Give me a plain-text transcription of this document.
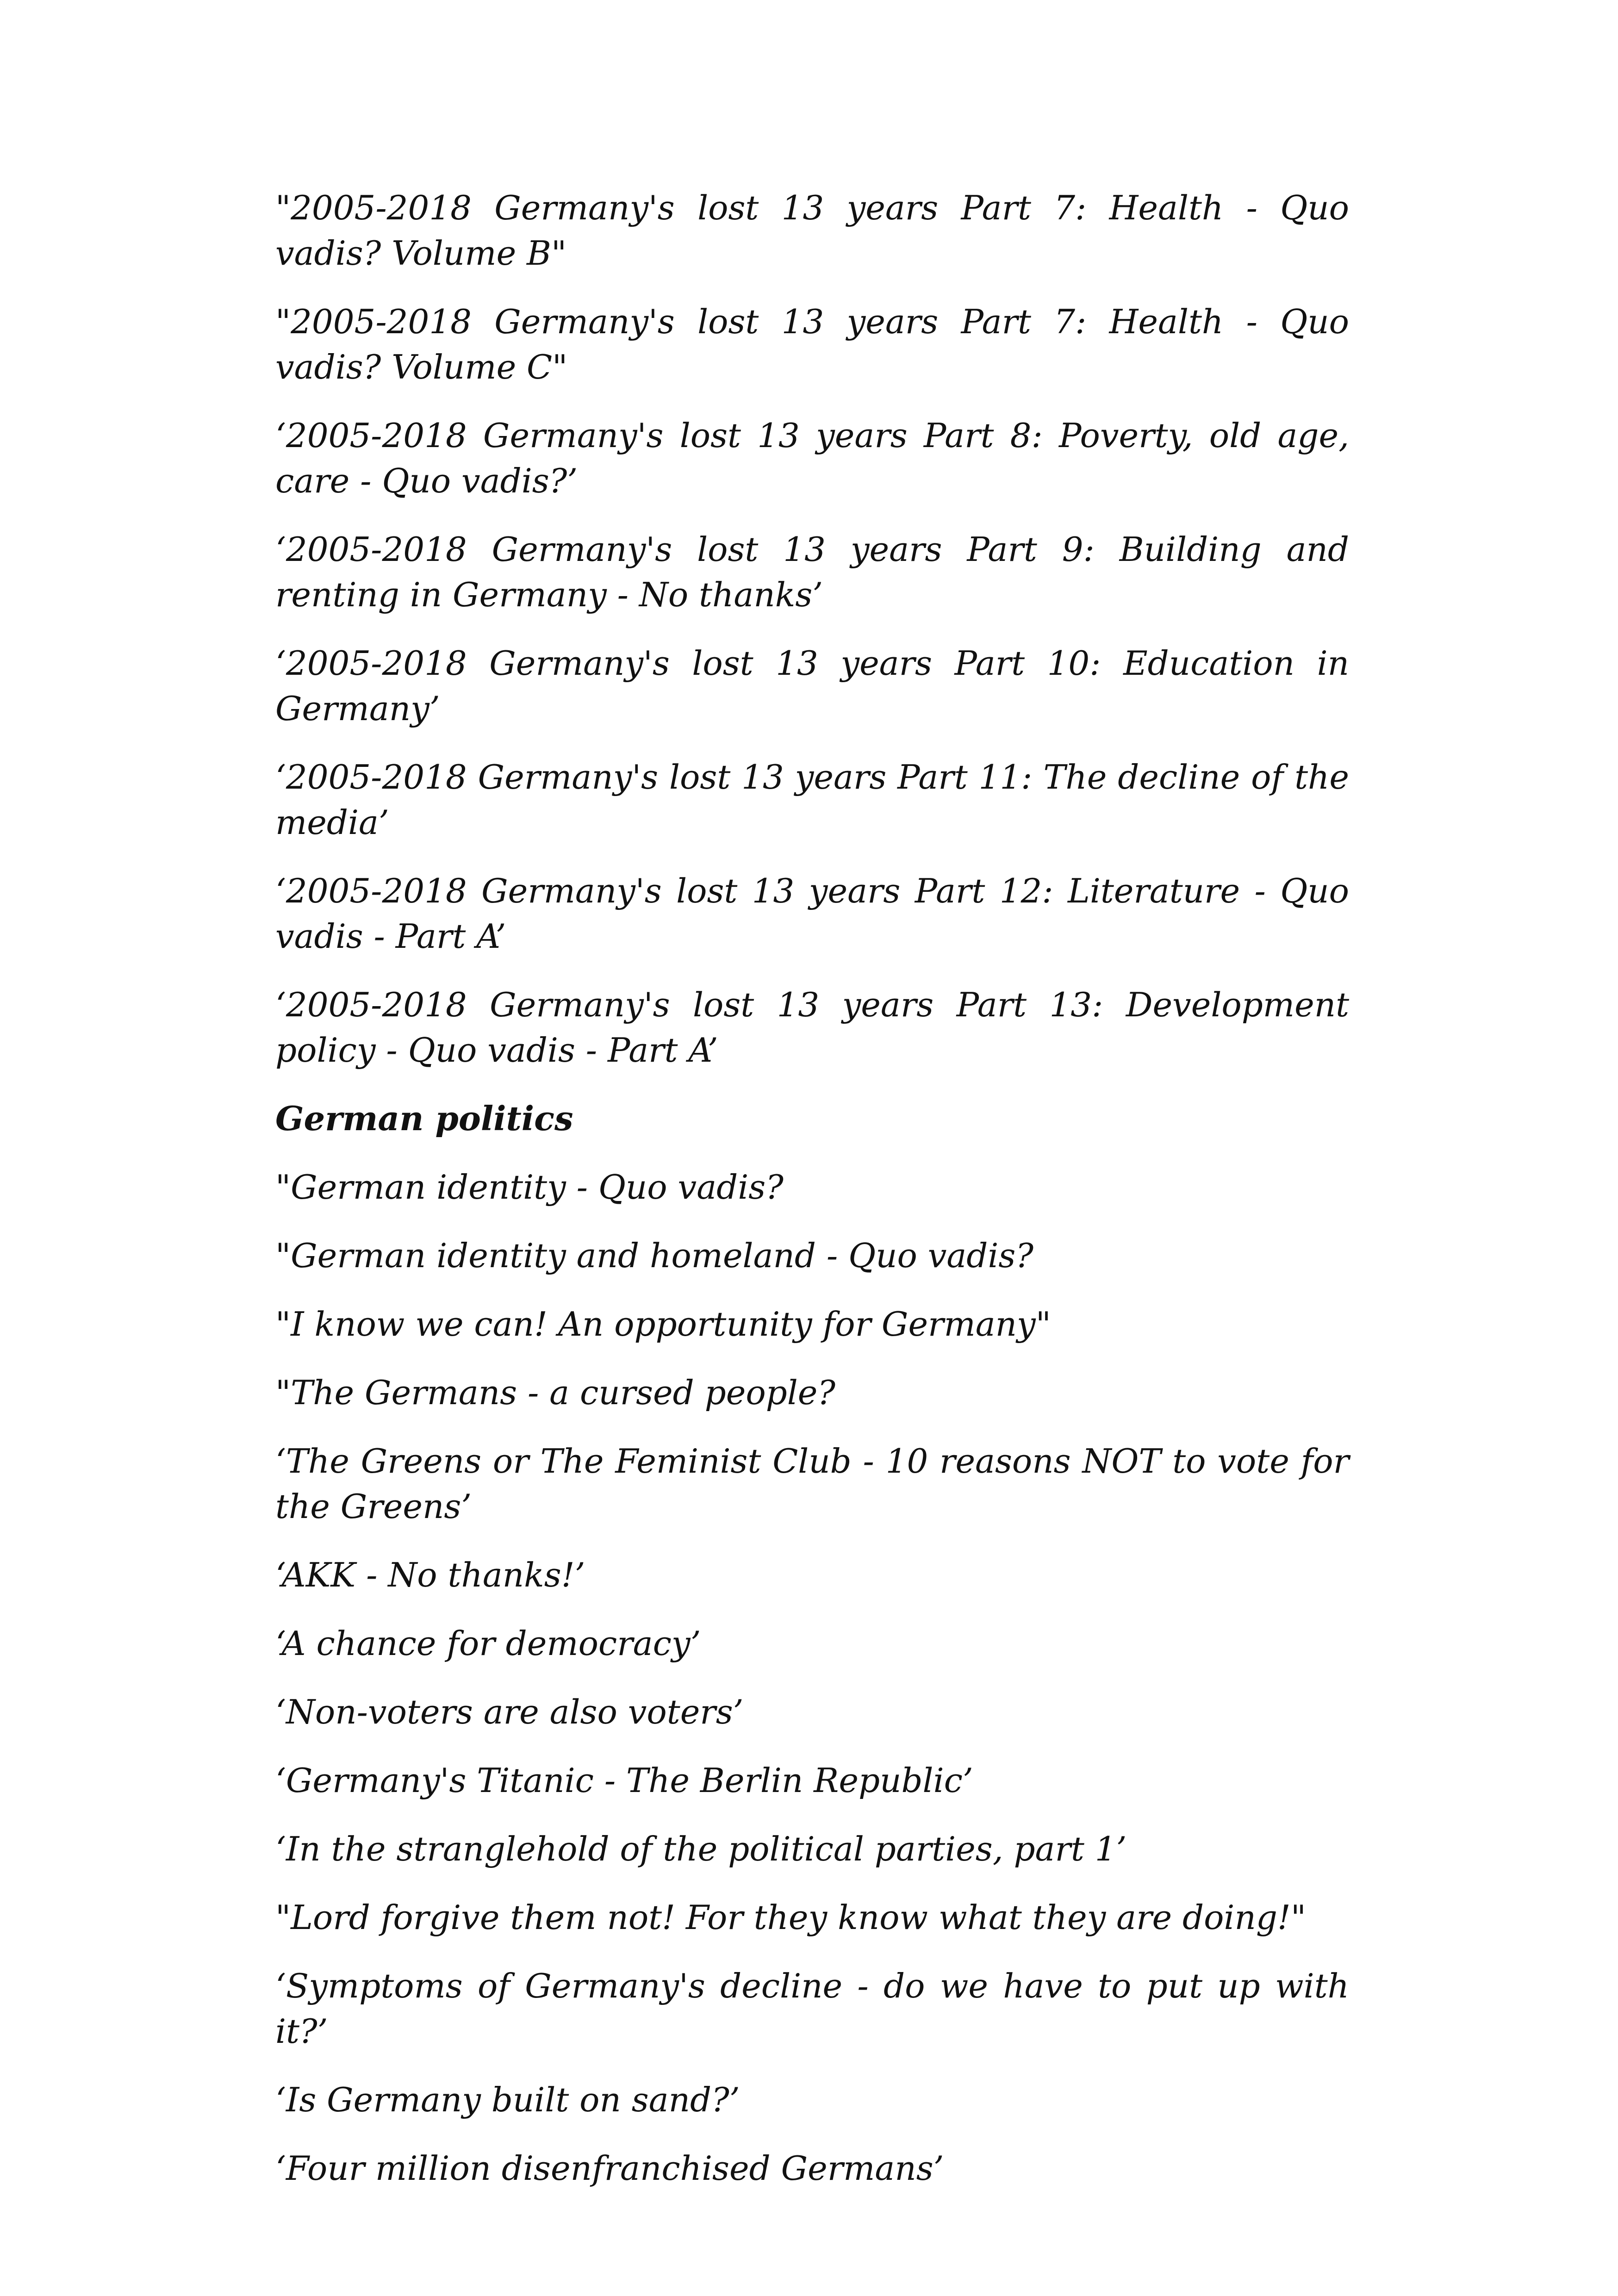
"2005-2018 Germany's lost 13 years Part 7: Health - Quo vadis? Volume B"

"2005-2018 Germany's lost 13 years Part 7: Health - Quo vadis? Volume C"

‘2005-2018 Germany's lost 13 years Part 8: Poverty, old age, care - Quo vadis?’

‘2005-2018 Germany's lost 13 years Part 9: Building and renting in Germany - No thanks’

‘2005-2018 Germany's lost 13 years Part 10: Education in Germany’

‘2005-2018 Germany's lost 13 years Part 11: The decline of the media’

‘2005-2018 Germany's lost 13 years Part 12: Literature - Quo vadis - Part A’

‘2005-2018 Germany's lost 13 years Part 13: Development policy - Quo vadis - Part A’

German politics

"German identity - Quo vadis?

"German identity and homeland - Quo vadis?

"I know we can! An opportunity for Germany"

"The Germans - a cursed people?

‘The Greens or The Feminist Club - 10 reasons NOT to vote for the Greens’

‘AKK - No thanks!’

‘A chance for democracy’

‘Non-voters are also voters’

‘Germany's Titanic - The Berlin Republic’

‘In the stranglehold of the political parties, part 1’

"Lord forgive them not! For they know what they are doing!"

‘Symptoms of Germany's decline - do we have to put up with it?’

‘Is Germany built on sand?’

‘Four million disenfranchised Germans’
